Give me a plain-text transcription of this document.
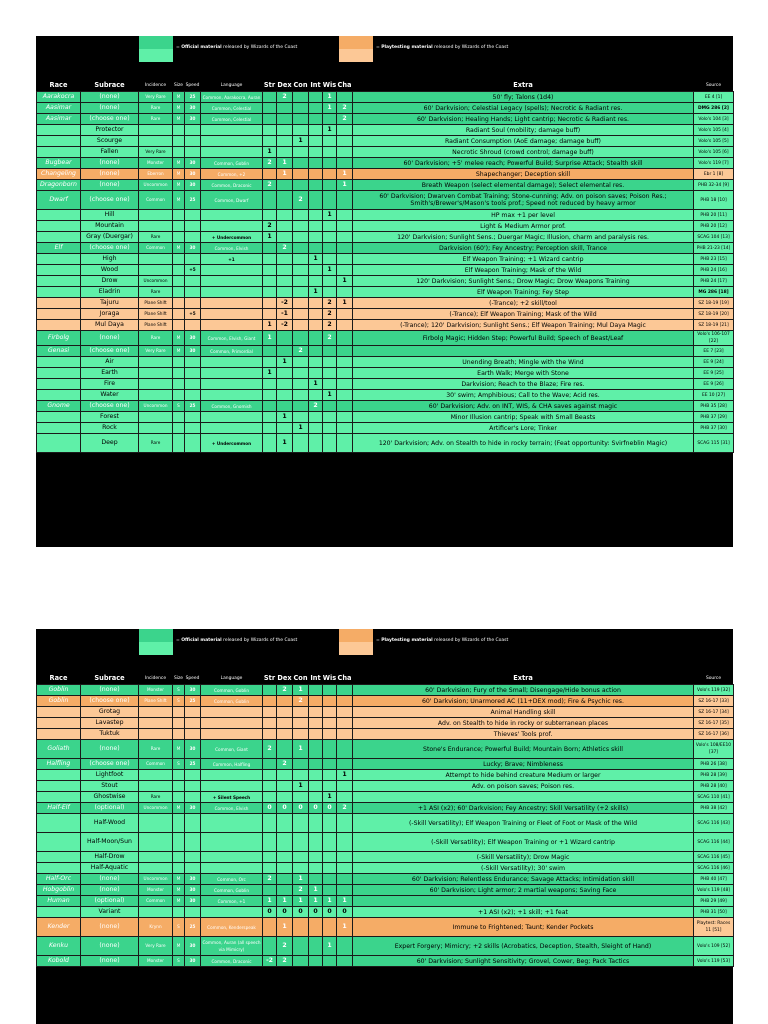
= Official material released by Wizards of the Coast	= Playtesting material released by Wizards of the Coast
Race	Subrace	Incidence	Size	Speed	Language	Str	Dex	Con	Int	Wis	Cha	Extra	Source
Aarakocra	(none)	Very Rare	M	25	Common, Aarakocra, Auran		2			1		50' fly; Talons (1d4)	EE 4 [1]
Aasimar	(none)	Rare	M	30	Common, Celestial					1	2	60' Darkvision; Celestial Legacy (spells); Necrotic & Radiant res.	DMG 286 [2]
Aasimar	(choose one)	Rare	M	30	Common, Celestial						2	60' Darkvision; Healing Hands; Light cantrip; Necrotic & Radiant res.	Volo's 104 [3]
	Protector									1		Radiant Soul (mobility; damage buff)	Volo's 105 [4]
	Scourge							1				Radiant Consumption (AoE damage; damage buff)	Volo's 105 [5]
	Fallen	Very Rare				1						Necrotic Shroud (crowd control; damage buff)	Volo's 105 [6]
Bugbear	(none)	Monster	M	30	Common, Goblin	2	1					60' Darkvision; +5' melee reach; Powerful Build; Surprise Attack; Stealth skill	Volo's 119 [7]
Changeling	(none)	Eberron	M	30	Common, +2		1				1	Shapechanger; Deception skill	Ebr 1 [8]
Dragonborn	(none)	Uncommon	M	30	Common, Draconic	2					1	Breath Weapon (select elemental damage); Select elemental res.	PHB 32-34 [9]
Dwarf	(choose one)	Common	M	25	Common, Dwarf			2				60' Darkvision; Dwarven Combat Training; Stone-cunning; Adv. on poison saves; Poison Res.; Smith's/Brewer's/Mason's tools prof.; Speed not reduced by heavy armor	PHB 18 [10]
	Hill									1		HP max +1 per level	PHB 20 [11]
	Mountain					2						Light & Medium Armor prof.	PHB 20 [12]
	Gray (Duergar)	Rare			+ Undercommon	1						120' Darkvision; Sunlight Sens.; Duergar Magic; Illusion, charm and paralysis res.	SCAG 104 [13]
Elf	(choose one)	Common	M	30	Common, Elvish		2					Darkvision (60'); Fey Ancestry; Perception skill, Trance	PHB 21-23 [14]
	High				+1				1			Elf Weapon Training; +1 Wizard cantrip	PHB 23 [15]
	Wood			+5						1		Elf Weapon Training; Mask of the Wild	PHB 24 [16]
	Drow	Uncommon									1	120' Darkvision; Sunlight Sens.; Drow Magic; Drow Weapons Training	PHB 24 [17]
	Eladrin	Rare							1			Elf Weapon Training; Fey Step	MG 286 [18]
	Tajuru	Plane Shift					-2			2	1	(-Trance); +2 skill/tool	SZ 18-19 [19]
	Joraga	Plane Shift		+5			-1			2		(-Trance); Elf Weapon Training; Mask of the Wild	SZ 18-19 [20]
	Mul Daya	Plane Shift				1	-2			2		(-Trance); 120' Darkvision; Sunlight Sens.; Elf Weapon Training; Mul Daya Magic	SZ 18-19 [21]
Firbolg	(none)	Rare	M	30	Common, Elvish, Giant	1				2		Firbolg Magic; Hidden Step; Powerful Build; Speech of Beast/Leaf	Volo's 106-107 [22]
Genasi	(choose one)	Very Rare	M	30	Common, Primordial			2					EE 7 [23]
	Air						1					Unending Breath; Mingle with the Wind	EE 9 [24]
	Earth					1						Earth Walk; Merge with Stone	EE 9 [25]
	Fire								1			Darkvision; Reach to the Blaze; Fire res.	EE 9 [26]
	Water									1		30' swim; Amphibious; Call to the Wave; Acid res.	EE 10 [27]
Gnome	(choose one)	Uncommon	S	25	Common, Gnomish				2			60' Darkvision; Adv. on INT, WIS, & CHA saves against magic	PHB 35 [28]
	Forest						1					Minor Illusion cantrip; Speak with Small Beasts	PHB 37 [29]
	Rock							1				Artificer's Lore; Tinker	PHB 37 [30]
	Deep	Rare			+ Undercommon		1					120' Darkvision; Adv. on Stealth to hide in rocky terrain; (Feat opportunity: Svirfneblin Magic)	SCAG 115 [31]
= Official material released by Wizards of the Coast	= Playtesting material released by Wizards of the Coast
Race	Subrace	Incidence	Size	Speed	Language	Str	Dex	Con	Int	Wis	Cha	Extra	Source
Goblin	(none)	Monster	S	30	Common, Goblin		2	1				60' Darkvision; Fury of the Small; Disengage/Hide bonus action	Volo's 119 [32]
Goblin	(choose one)	Plane Shift	S	25	Common, Goblin			2				60' Darkvision; Unarmored AC (11+DEX mod); Fire & Psychic res.	SZ 16-17 [33]
	Grotag											Animal Handling skill	SZ 16-17 [34]
	Lavastep											Adv. on Stealth to hide in rocky or subterranean places	SZ 16-17 [35]
	Tuktuk											Thieves' Tools prof.	SZ 16-17 [36]
Goliath	(none)	Rare	M	30	Common, Giant	2		1				Stone's Endurance; Powerful Build; Mountain Born; Athletics skill	Volo's 108/EE10 [37]
Halfling	(choose one)	Common	S	25	Common, Halfling		2					Lucky; Brave; Nimbleness	PHB 26 [38]
	Lightfoot										1	Attempt to hide behind creature Medium or larger	PHB 28 [39]
	Stout							1				Adv. on poison saves; Poison res.	PHB 28 [40]
	Ghostwise	Rare			+ Silent Speech					1			SCAG 110 [41]
Half-Elf	(optional)	Uncommon	M	30	Common, Elvish	0	0	0	0	0	2	+1 ASI (x2); 60' Darkvision; Fey Ancestry; Skill Versatility (+2 skills)	PHB 38 [42]
	Half-Wood											(-Skill Versatility); Elf Weapon Training or Fleet of Foot or Mask of the Wild	SCAG 116 [43]
	Half-Moon/Sun											(-Skill Versatility); Elf Weapon Training or +1 Wizard cantrip	SCAG 116 [44]
	Half-Drow											(-Skill Versatility); Drow Magic	SCAG 116 [45]
	Half-Aquatic											(-Skill Versatility); 30' swim	SCAG 116 [46]
Half-Orc	(none)	Uncommon	M	30	Common, Orc	2		1				60' Darkvision; Relentless Endurance; Savage Attacks; Intimidation skill	PHB 40 [47]
Hobgoblin	(none)	Monster	M	30	Common, Goblin			2	1			60' Darkvision; Light armor; 2 martial weapons; Saving Face	Volo's 119 [48]
Human	(optional)	Common	M	30	Common, +1	1	1	1	1	1	1		PHB 29 [49]
	Variant					0	0	0	0	0	0	+1 ASI (x2); +1 skill; +1 feat	PHB 31 [50]
Kender	(none)	Krynn	S	25	Common, Kenderspeak		1				1	Immune to Frightened; Taunt; Kender Pockets	Playtest: Races 11 [51]
Kenku	(none)	Very Rare	M	30	Common, Auran (all speech via Mimicry)		2			1		Expert Forgery; Mimicry; +2 skills (Acrobatics, Deception, Stealth, Sleight of Hand)	Volo's 109 [52]
Kobold	(none)	Monster	S	30	Common, Draconic	-2	2					60' Darkvision; Sunlight Sensitivity; Grovel, Cower, Beg; Pack Tactics	Volo's 119 [53]
